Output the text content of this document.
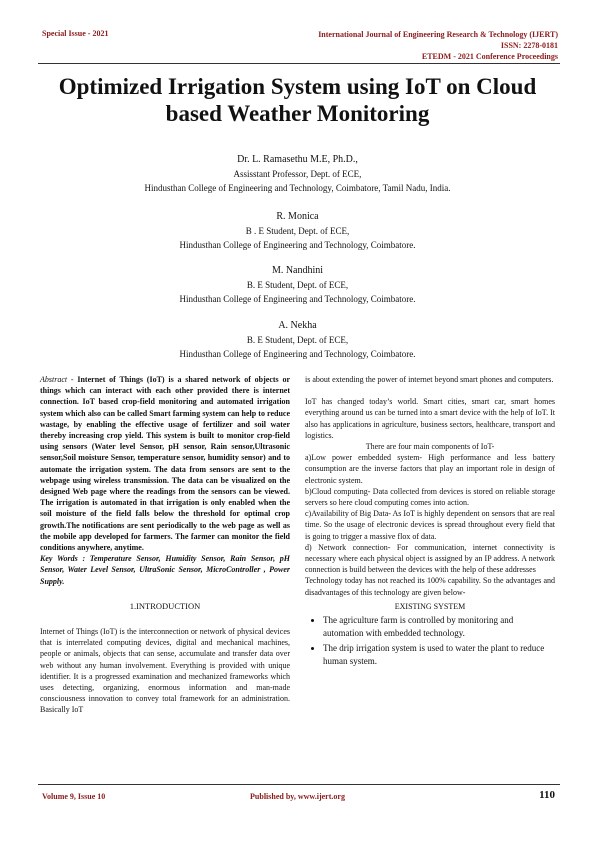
Special Issue - 2021	International Journal of Engineering Research & Technology (IJERT)
ISSN: 2278-0181
ETEDM - 2021 Conference Proceedings
Optimized Irrigation System using IoT on Cloud
based Weather Monitoring
Dr. L. Ramasethu M.E, Ph.D.,
Assisstant Professor, Dept. of ECE,
Hindusthan College of Engineering and Technology, Coimbatore, Tamil Nadu, India.
R. Monica
B . E Student, Dept. of ECE,
Hindusthan College of Engineering and Technology, Coimbatore.
M. Nandhini
B. E Student, Dept. of ECE,
Hindusthan College of Engineering and Technology, Coimbatore.
A. Nekha
B. E Student, Dept. of ECE,
Hindusthan College of Engineering and Technology, Coimbatore.

Abstract - Internet of Things (IoT) is a shared network of objects or things which can interact with each other provided there is internet connection. IoT based crop-field monitoring and automated irrigation system which also can be called Smart farming system can help to reduce wastage, by enabling the effective usage of fertilizer and soil water thereby increasing crop yield. This system is built to monitor crop-field using sensors (Water level Sensor, pH sensor, Rain sensor,Ultrasonic sensor,Soil moisture Sensor, temperature sensor, humidity sensor) and to automate the irrigation system. The data from sensors are sent to the webpage using wireless transmission. The data can be visualized on the designed Web page where the readings from the sensors can be viewed. The irrigation is automated in that irrigation is only enabled when the soil moisture of the field falls below the threshold for optimal crop growth.The notifications are sent periodically to the web page as well as the mobile app developed for farmers. The farmer can monitor the field conditions anywhere, anytime.

Key Words : Temperature Sensor, Humidity Sensor, Rain Sensor, pH Sensor, Water Level Sensor, UltraSonic Sensor, MicroController , Power Supply.

1.INTRODUCTION

Internet of Things (IoT) is the interconnection or network of physical devices that is interrelated computing devices, digital and mechanical machines, people or animals, objects that can sense, accumulate and transfer data over web without any human involvement. Everything is provided with unique identifier. It is a progressed examination and mechanized frameworks which uses detecting, organizing, enormous information and man-made consciousness innovation to convey total framework for an administration. Basically IoT

is about extending the power of internet beyond smart phones and computers.

IoT has changed today’s world. Smart cities, smart car, smart homes everything around us can be turned into a smart device with the help of IoT. It also has applications in agriculture, business sectors, healthcare, transport and logistics.

There are four main components of IoT-

a)Low power embedded system- High performance and less battery consumption are the inverse factors that play an important role in design of electronic system.

b)Cloud computing- Data collected from devices is stored on reliable storage servers so here cloud computing comes into action.

c)Availability of Big Data- As IoT is highly dependent on sensors that are real time. So the usage of electronic devices is spread throughout every field that is going to trigger a massive flox of data.

d) Network connection- For communication, internet connectivity is necessary where each physical object is assigned by an IP address. A network connection is build between the devices with the help of these addresses

Technology today has not reached its 100% capability. So the advantages and disadvantages of this technology are given below-

EXISTING SYSTEM

• The agriculture farm is controlled by monitoring and automation with embedded technology.
• The drip irrigation system is used to water the plant to reduce human system.
Volume 9, Issue 10	Published by, www.ijert.org	110
